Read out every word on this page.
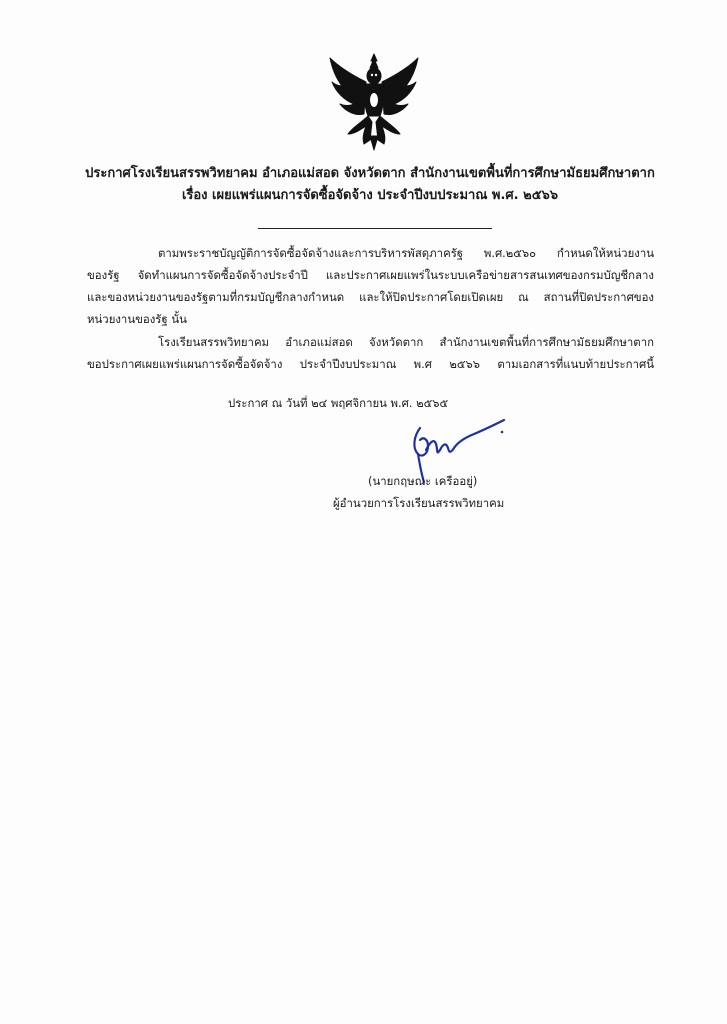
ประกาศโรงเรียนสรรพวิทยาคม อำเภอแม่สอด จังหวัดตาก สำนักงานเขตพื้นที่การศึกษามัธยมศึกษาตาก
เรื่อง เผยแพร่แผนการจัดซื้อจัดจ้าง ประจำปีงบประมาณ พ.ศ. ๒๕๖๖
ตามพระราชบัญญัติการจัดซื้อจัดจ้างและการบริหารพัสดุภาครัฐ พ.ศ.๒๕๖๐ กำหนดให้หน่วยงาน
ของรัฐ จัดทำแผนการจัดซื้อจัดจ้างประจำปี และประกาศเผยแพร่ในระบบเครือข่ายสารสนเทศของกรมบัญชีกลาง
และของหน่วยงานของรัฐตามที่กรมบัญชีกลางกำหนด และให้ปิดประกาศโดยเปิดเผย ณ สถานที่ปิดประกาศของ
หน่วยงานของรัฐ นั้น
โรงเรียนสรรพวิทยาคม อำเภอแม่สอด จังหวัดตาก สำนักงานเขตพื้นที่การศึกษามัธยมศึกษาตาก
ขอประกาศเผยแพร่แผนการจัดซื้อจัดจ้าง ประจำปีงบประมาณ พ.ศ ๒๕๖๖ ตามเอกสารที่แนบท้ายประกาศนี้
ประกาศ ณ วันที่ ๒๔ พฤศจิกายน พ.ศ. ๒๕๖๕
(นายกฤษณะ เครืออยู่)
ผู้อำนวยการโรงเรียนสรรพวิทยาคม
